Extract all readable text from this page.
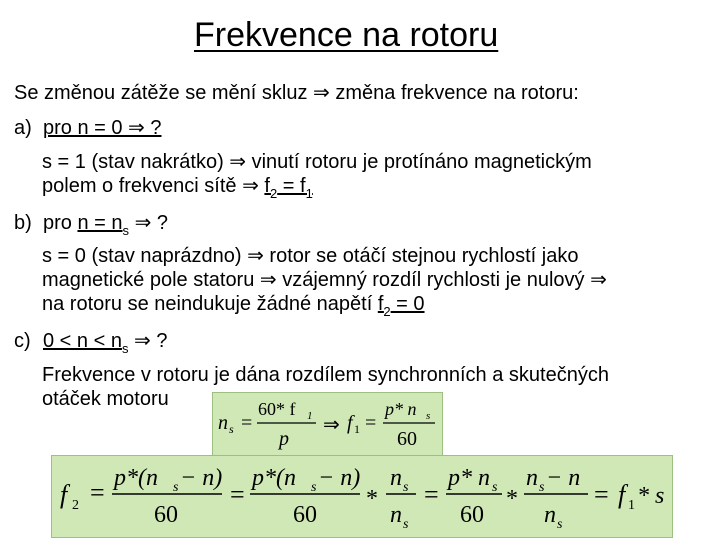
Frekvence na rotoru
Se změnou zátěže se mění skluz ⇒ změna frekvence na rotoru:
a) pro n = 0 ⇒ ?
s = 1 (stav nakrátko) ⇒ vinutí rotoru je protínáno magnetickým
polem o frekvenci sítě ⇒ $f_2 = f_1$
b) pro $n = n_s$ ⇒ ?
s = 0 (stav naprázdno) ⇒ rotor se otáčí stejnou rychlostí jako
magnetické pole statoru ⇒ vzájemný rozdíl rychlosti je nulový ⇒
na rotoru se neindukuje žádné napětí $f_2 = 0$
c) $0 < n < n_s$ ⇒ ?
Frekvence v rotoru je dána rozdílem synchronních a skutečných
otáček motoru
n s =
60* f 1
p
⇒ f 1 =
p* n s
60
f 2 = p*(n s − n)
60
=
p*(n s − n)
60
*
n s
n s
=
p* n s
60
*
n s − n
n s
= f 1 * s
